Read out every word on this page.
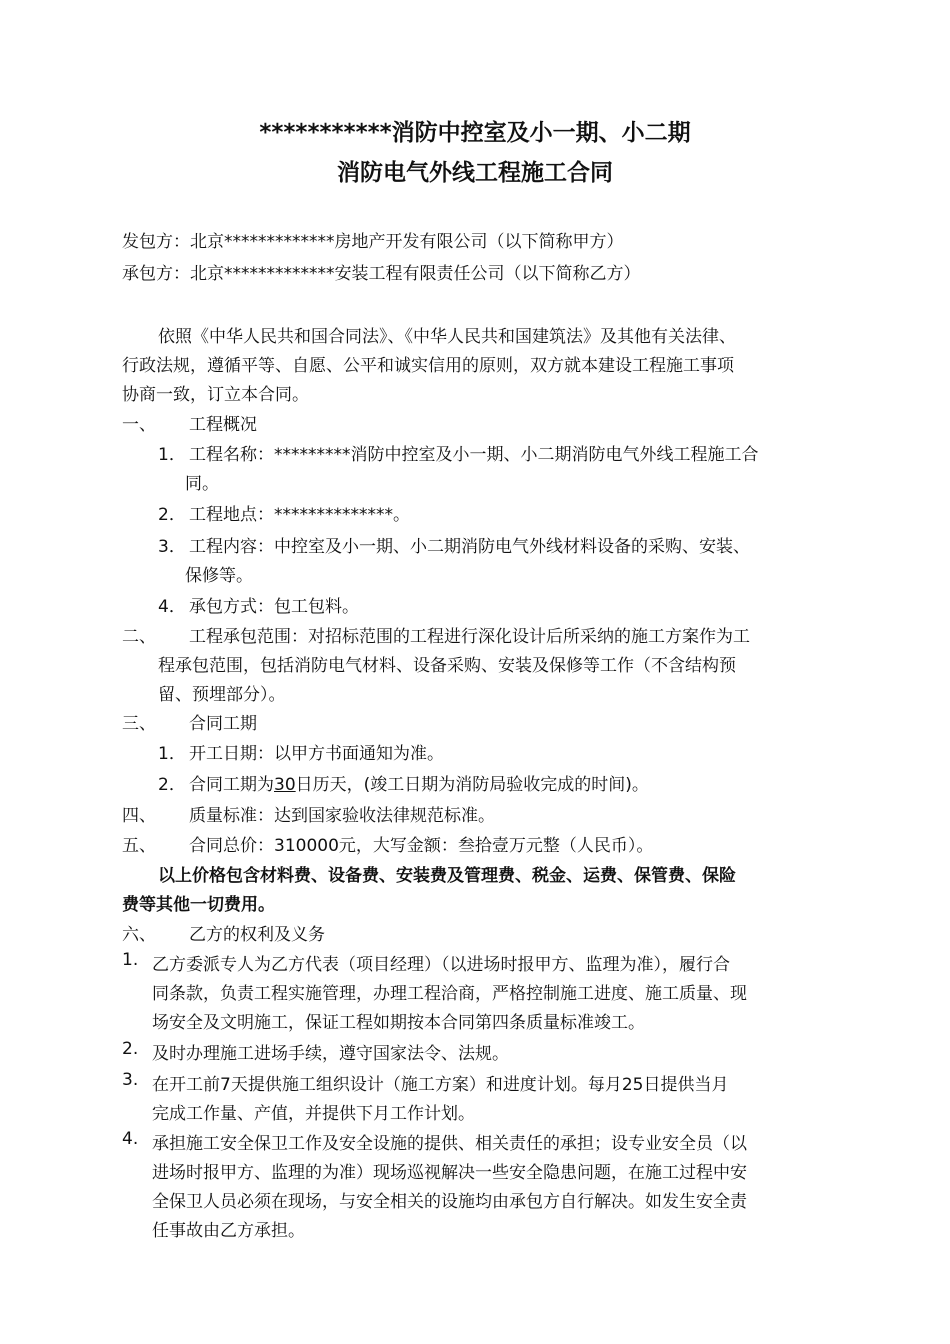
***********消防中控室及小一期、小二期
消防电气外线工程施工合同
发包方：北京*************房地产开发有限公司（以下简称甲方）
承包方：北京*************安装工程有限责任公司（以下简称乙方）
依照《中华人民共和国合同法》、《中华人民共和国建筑法》及其他有关法律、
行政法规，遵循平等、自愿、公平和诚实信用的原则，双方就本建设工程施工事项
协商一致，订立本合同。
一、 工程概况
1． 工程名称：*********消防中控室及小一期、小二期消防电气外线工程施工合
同。
2． 工程地点：**************。
3． 工程内容：中控室及小一期、小二期消防电气外线材料设备的采购、安装、
保修等。
4． 承包方式：包工包料。
二、 工程承包范围：对招标范围的工程进行深化设计后所采纳的施工方案作为工
程承包范围，包括消防电气材料、设备采购、安装及保修等工作（不含结构预
留、预埋部分）。
三、 合同工期
1． 开工日期：以甲方书面通知为准。
2． 合同工期为30日历天，(竣工日期为消防局验收完成的时间)。
四、 质量标准：达到国家验收法律规范标准。
五、 合同总价：310000元，大写金额：叁拾壹万元整（人民币）。
以上价格包含材料费、设备费、安装费及管理费、税金、运费、保管费、保险
费等其他一切费用。
六、 乙方的权利及义务
1. 乙方委派专人为乙方代表（项目经理）（以进场时报甲方、监理为准），履行合
同条款，负责工程实施管理，办理工程洽商，严格控制施工进度、施工质量、现
场安全及文明施工，保证工程如期按本合同第四条质量标准竣工。
2. 及时办理施工进场手续，遵守国家法令、法规。
3. 在开工前7天提供施工组织设计（施工方案）和进度计划。每月25日提供当月
完成工作量、产值，并提供下月工作计划。
4. 承担施工安全保卫工作及安全设施的提供、相关责任的承担；设专业安全员（以
进场时报甲方、监理的为准）现场巡视解决一些安全隐患问题，在施工过程中安
全保卫人员必须在现场，与安全相关的设施均由承包方自行解决。如发生安全责
任事故由乙方承担。
